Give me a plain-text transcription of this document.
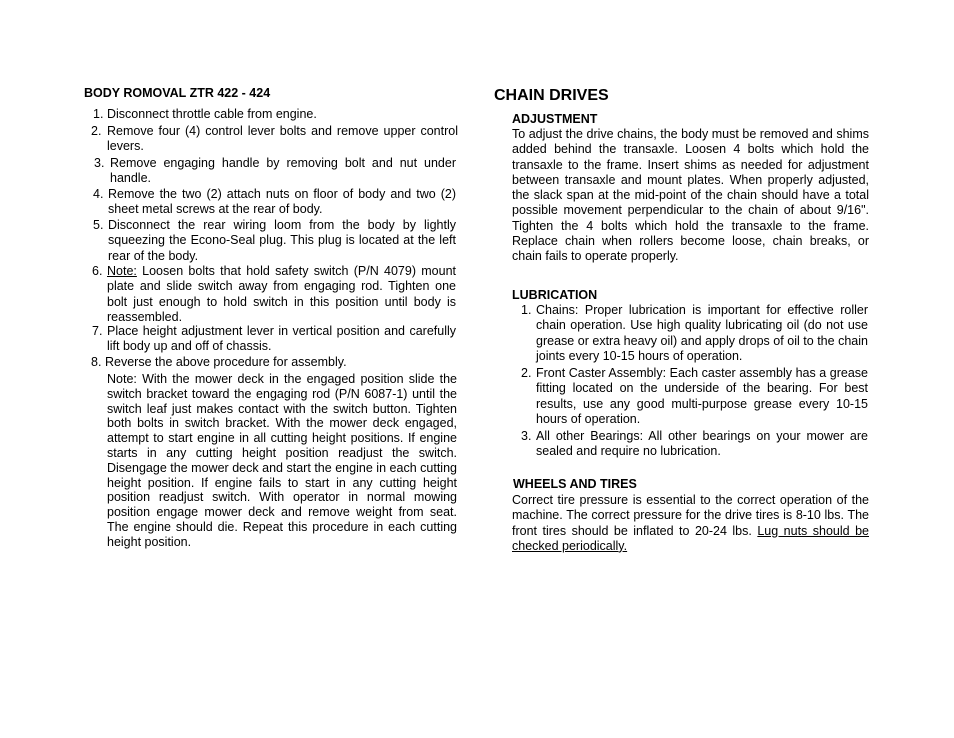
BODY ROMOVAL ZTR 422 - 424
1. Disconnect throttle cable from engine.
2. Remove four (4) control lever bolts and remove upper control levers.
3. Remove engaging handle by removing bolt and nut under handle.
4. Remove the two (2) attach nuts on floor of body and two (2) sheet metal screws at the rear of body.
5. Disconnect the rear wiring loom from the body by lightly squeezing the Econo-Seal plug. This plug is located at the left rear of the body.
6. Note: Loosen bolts that hold safety switch (P/N 4079) mount plate and slide switch away from engaging rod. Tighten one bolt just enough to hold switch in this position until body is reassembled.
7. Place height adjustment lever in vertical position and carefully lift body up and off of chassis.
8. Reverse the above procedure for assembly.
Note: With the mower deck in the engaged position slide the switch bracket toward the engaging rod (P/N 6087-1) until the switch leaf just makes contact with the switch button. Tighten both bolts in switch bracket. With the mower deck engaged, attempt to start engine in all cutting height positions. If engine starts in any cutting height position readjust the switch. Disengage the mower deck and start the engine in each cutting height position. If engine fails to start in any cutting height position readjust switch. With operator in normal mowing position engage mower deck and remove weight from seat. The engine should die. Repeat this procedure in each cutting height position.
CHAIN DRIVES
ADJUSTMENT
To adjust the drive chains, the body must be removed and shims added behind the transaxle. Loosen 4 bolts which hold the transaxle to the frame. Insert shims as needed for adjustment between transaxle and mount plates. When properly adjusted, the slack span at the mid-point of the chain should have a total possible movement perpendicular to the chain of about 9/16". Tighten the 4 bolts which hold the transaxle to the frame. Replace chain when rollers become loose, chain breaks, or chain fails to operate properly.
LUBRICATION
1. Chains: Proper lubrication is important for effective roller chain operation. Use high quality lubricating oil (do not use grease or extra heavy oil) and apply drops of oil to the chain joints every 10-15 hours of operation.
2. Front Caster Assembly: Each caster assembly has a grease fitting located on the underside of the bearing. For best results, use any good multi-purpose grease every 10-15 hours of operation.
3. All other Bearings: All other bearings on your mower are sealed and require no lubrication.
WHEELS AND TIRES
Correct tire pressure is essential to the correct operation of the machine. The correct pressure for the drive tires is 8-10 lbs. The front tires should be inflated to 20-24 lbs. Lug nuts should be checked periodically.
